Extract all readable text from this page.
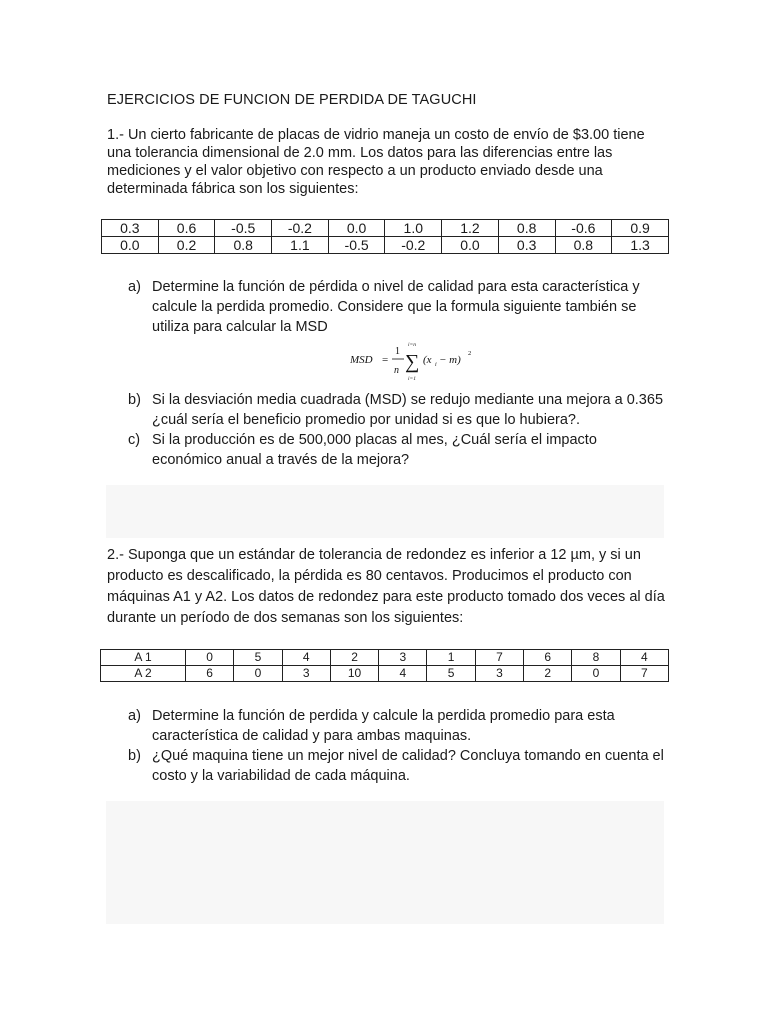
EJERCICIOS DE FUNCION DE PERDIDA DE TAGUCHI

1.- Un cierto fabricante de placas de vidrio maneja un costo de envío de $3.00 tiene una tolerancia dimensional de 2.0 mm. Los datos para las diferencias entre las mediciones y el valor objetivo con respecto a un producto enviado desde una determinada fábrica son los siguientes:

0.3	0.6	-0.5	-0.2	0.0	1.0	1.2	0.8	-0.6	0.9
0.0	0.2	0.8	1.1	-0.5	-0.2	0.0	0.3	0.8	1.3
a) Determine la función de pérdida o nivel de calidad para esta característica y calcule la perdida promedio. Considere que la formula siguiente también se utiliza para calcular la MSD
MSD =
1
n
i=n
∑
i=1
(x i − m)
2
b) Si la desviación media cuadrada (MSD) se redujo mediante una mejora a 0.365 ¿cuál sería el beneficio promedio por unidad si es que lo hubiera?.
c) Si la producción es de 500,000 placas al mes, ¿Cuál sería el impacto económico anual a través de la mejora?

2.- Suponga que un estándar de tolerancia de redondez es inferior a 12 µm, y si un producto es descalificado, la pérdida es 80 centavos. Producimos el producto con máquinas A1 y A2. Los datos de redondez para este producto tomado dos veces al día durante un período de dos semanas son los siguientes:

A 1	0	5	4	2	3	1	7	6	8	4
A 2	6	0	3	10	4	5	3	2	0	7
a) Determine la función de perdida y calcule la perdida promedio para esta característica de calidad y para ambas maquinas.
b) ¿Qué maquina tiene un mejor nivel de calidad? Concluya tomando en cuenta el costo y la variabilidad de cada máquina.
